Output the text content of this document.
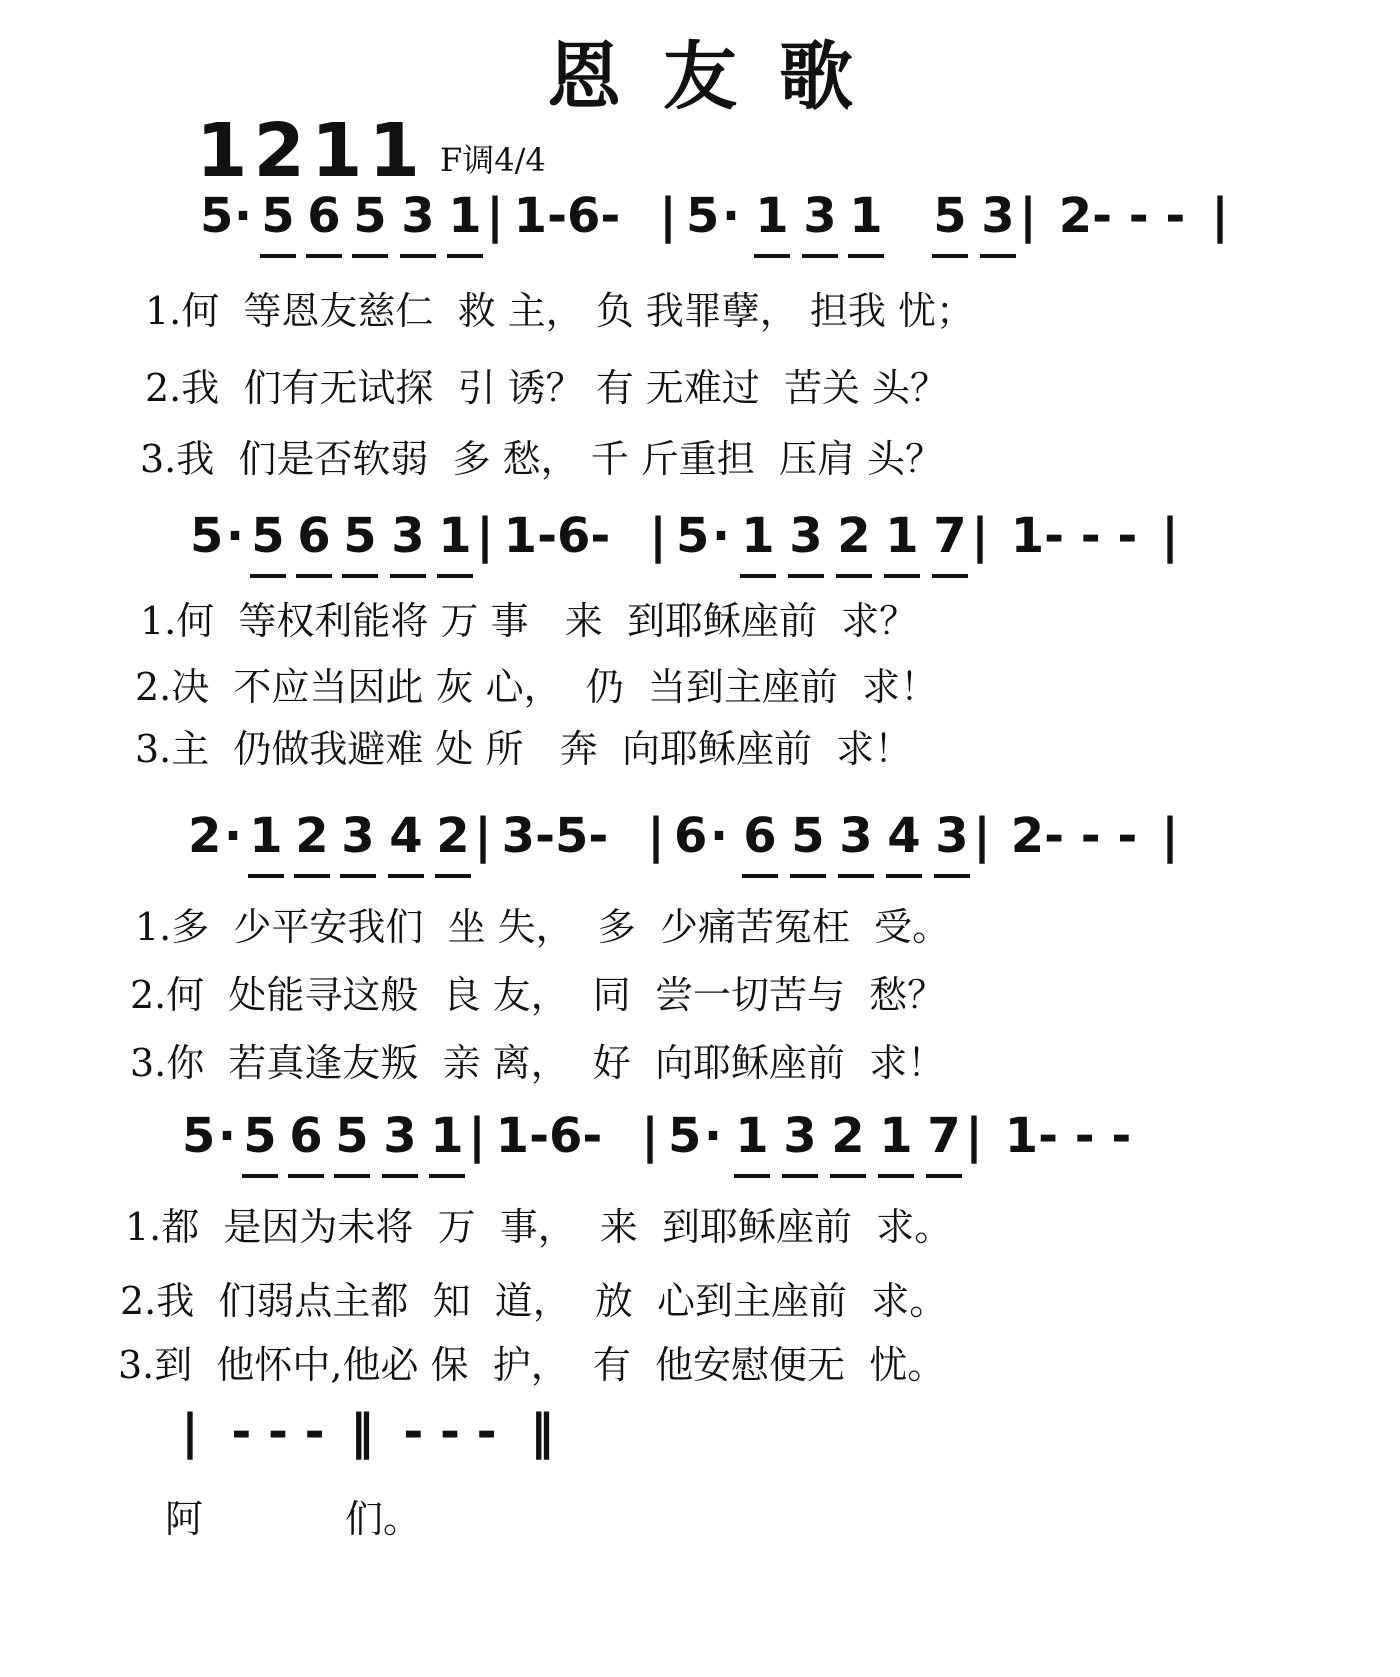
恩友歌
1211 F调4/4
5 · 5 6 5 3 1 | 1-6- | 5 · 1 3 1 5 3 | 2- - - |
1.何  等恩友慈仁  救 主， 负 我罪孽， 担我 忧；
2.我  们有无试探  引 诱？ 有 无难过  苦关 头？
3.我  们是否软弱  多 愁， 千 斤重担  压肩 头？
5 · 5 6 5 3 1 | 1-6- | 5 · 1 3 2 1 7 | 1- - - |
1.何  等权利能将 万 事   来  到耶稣座前  求？
2.决  不应当因此 灰 心，  仍  当到主座前  求！
3.主  仍做我避难 处 所   奔  向耶稣座前  求！
2 · 1 2 3 4 2 | 3-5- | 6 · 6 5 3 4 3 | 2- - - |
1.多  少平安我们  坐 失，  多  少痛苦冤枉  受。
2.何  处能寻这般  良 友，  同  尝一切苦与  愁？
3.你  若真逢友叛  亲 离，  好  向耶稣座前  求！
5 · 5 6 5 3 1 | 1-6- | 5 · 1 3 2 1 7 | 1- - -
1.都  是因为未将  万  事，  来  到耶稣座前  求。
2.我  们弱点主都  知  道，  放  心到主座前  求。
3.到  他怀中,他必 保  护，  有  他安慰便无  忧。
| - - - ‖ - - - ‖
阿	们。
